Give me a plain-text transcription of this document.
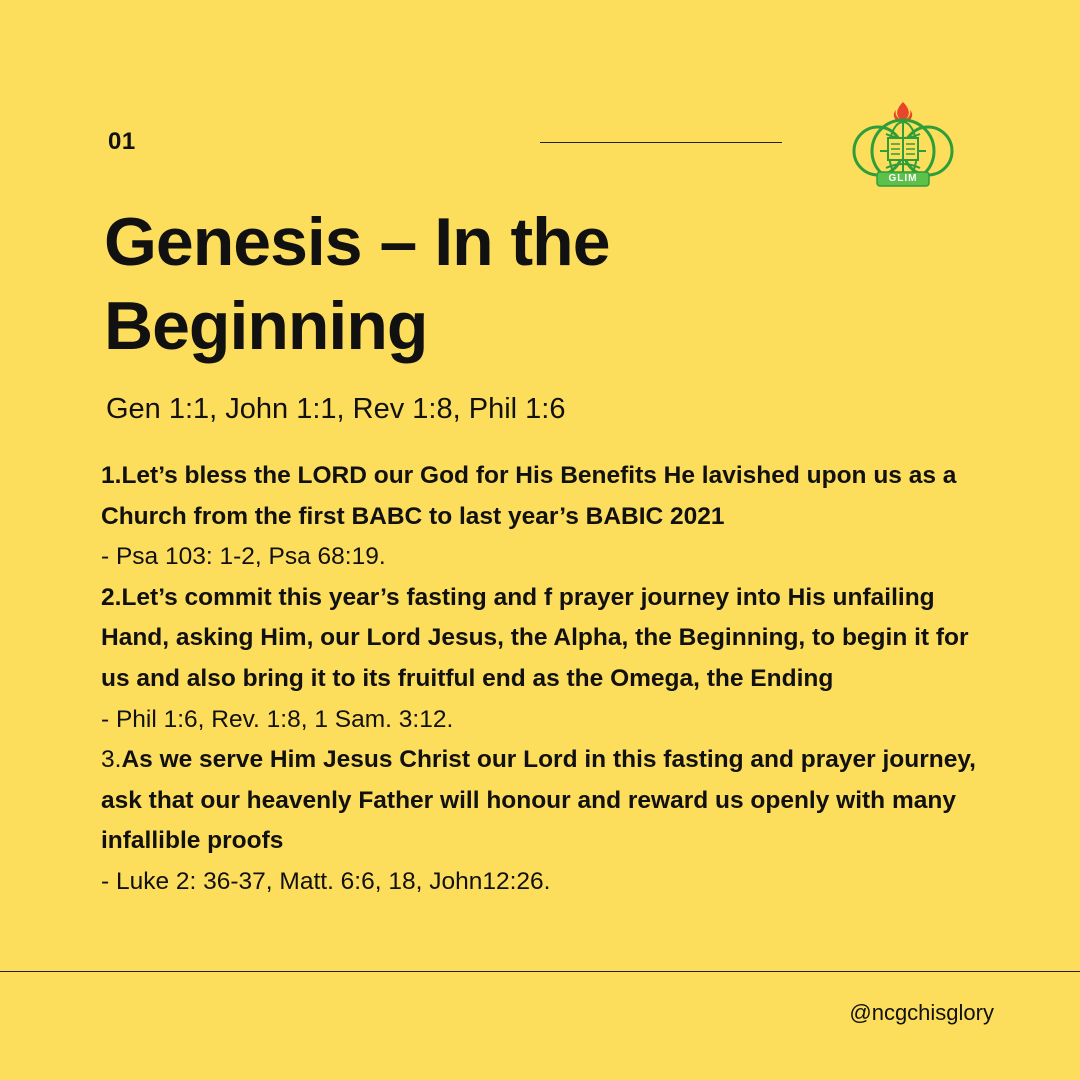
01
GLIM
Genesis – In the Beginning
Gen 1:1, John 1:1, Rev 1:8, Phil 1:6

1.Let’s bless the LORD our God for His Benefits He lavished upon us as a Church from the first BABC to last year’s BABIC 2021

- Psa 103: 1-2, Psa 68:19.

2.Let’s commit this year’s fasting and f prayer journey into His unfailing Hand, asking Him, our Lord Jesus, the Alpha, the Beginning, to begin it for us and also bring it to its fruitful end as the Omega, the Ending

- Phil 1:6, Rev. 1:8, 1 Sam. 3:12.

3.As we serve Him Jesus Christ our Lord in this fasting and prayer journey, ask that our heavenly Father will honour and reward us openly with many infallible proofs

- Luke 2: 36-37, Matt. 6:6, 18, John12:26.

@ncgchisglory
